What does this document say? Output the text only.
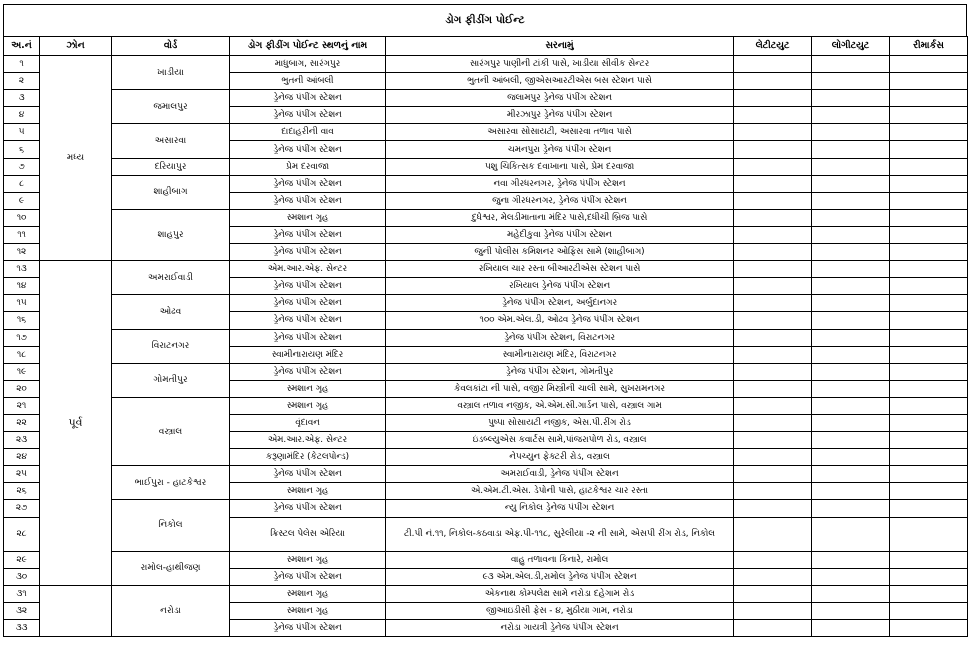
ડોગ ફીડીંગ પોઈન્ટ
અ.નં	ઝોન	વોર્ડ	ડોગ ફીડીંગ પોઈન્ટ સ્થળનું નામ	સરનામું	લેટીટયુટ	લોગીટયુટ	રીમાર્કસ
૧	મધ્ય	ખાડીયા	માધુબાગ, સારંગપુર	સારંગપુર પાણીની ટાંકી પાસે, ખાડીયા સીવીક સેન્ટર			
૨			ભુતની આંબલી	ભુતની આંબલી, જીએસઆરટીએસ બસ સ્ટેશન પાસે			
૩		જમાલપુર	ડ્રેનેજ પંપીંગ સ્ટેશન	જલામપુર ડ્રેનેજ પંપીંગ સ્ટેશન			
૪			ડ્રેનેજ પંપીંગ સ્ટેશન	મીરઝાપુર ડ્રેનેજ પંપીંગ સ્ટેશન			
૫		અસારવા	દાદાહરીની વાવ	અસારવા સોસાયટી, અસારવા તળાવ પાસે			
૬			ડ્રેનેજ પંપીંગ સ્ટેશન	ચમનપુરા ડ્રેનેજ પંપીંગ સ્ટેશન			
૭		દરિયાપુર	પ્રેમ દરવાજા	પશુ ચિકિત્સક દવાખાના પાસે, પ્રેમ દરવાજા			
૮		શાહીબાગ	ડ્રેનેજ પંપીંગ સ્ટેશન	નવા ગીરધરનગર, ડ્રેનેજ પંપીંગ સ્ટેશન			
૯			ડ્રેનેજ પંપીંગ સ્ટેશન	જુના ગીરધરનગર, ડ્રેનેજ પંપીંગ સ્ટેશન			
૧૦		શાહપુર	સ્મશાન ગૃહ	દુધેશ્વર, મેલડીમાતાના મંદિર પાસે,દધીચી બ્રિજ પાસે			
૧૧			ડ્રેનેજ પંપીંગ સ્ટેશન	મહેદીકુવા ડ્રેનેજ પંપીંગ સ્ટેશન			
૧૨			ડ્રેનેજ પંપીંગ સ્ટેશન	જુની પોલીસ કમિશનર ઓફિસ સામે (શાહીબાગ)			
૧૩	પૂર્વ	અમરાઈવાડી	એમ.આર.એફ. સેન્ટર	રખિયાલ ચાર રસ્તા બીઆરટીએસ સ્ટેશન પાસે			
૧૪			ડ્રેનેજ પંપીંગ સ્ટેશન	રખિયાલ ડ્રેનેજ પંપીંગ સ્ટેશન			
૧૫		ઓઢવ	ડ્રેનેજ પંપીંગ સ્ટેશન	ડ્રેનેજ પંપીંગ સ્ટેશન, અર્બુદાનગર			
૧૬			ડ્રેનેજ પંપીંગ સ્ટેશન	૧૦૦ એમ.એલ.ડી, ઓઢવ ડ્રેનેજ પંપીંગ સ્ટેશન			
૧૭		વિરાટનગર	ડ્રેનેજ પંપીંગ સ્ટેશન	ડ્રેનેજ પંપીંગ સ્ટેશન, વિરાટનગર			
૧૮			સ્વામીનારાયણ મંદિર	સ્વામીનારાયણ મંદિર, વિરાટનગર			
૧૯		ગોમતીપુર	ડ્રેનેજ પંપીંગ સ્ટેશન	ડ્રેનેજ પંપીંગ સ્ટેશન, ગોમતીપુર			
૨૦			સ્મશાન ગૃહ	કેવલકાંટા ની પાસે, વજીર મિસ્ત્રીની ચાલી સામે, સુખરામનગર			
૨૧		વસ્ત્રાલ	સ્મશાન ગૃહ	વસ્ત્રાલ તળાવ નજીક, એ.એમ.સી.ગાર્ડન પાસે, વસ્ત્રાલ ગામ			
૨૨			વૃંદાવન	પુષ્પા સોસાયટી નજીક, એસ.પી.રીંગ રોડ			
૨૩			એમ.આર.એફ. સેન્ટર	ઇંડબ્લ્યુએસ કવાર્ટસ સામે,પાંજરાપોળ રોડ, વસ્ત્રાલ			
૨૪			કરૂણામંદિર (કેટલપોન્ડ)	નેપચ્યુન ફેક્ટરી રોડ, વસ્ત્રાલ			
૨૫		ભાઈપુરા - હાટકેશ્વર	ડ્રેનેજ પંપીંગ સ્ટેશન	અમરાઈવાડી, ડ્રેનેજ પંપીંગ સ્ટેશન			
૨૬			સ્મશાન ગૃહ	એ.એમ.ટી.એસ. ડેપોની પાસે, હાટકેશ્વર ચાર રસ્તા			
૨૭		નિકોલ	ડ્રેનેજ પંપીંગ સ્ટેશન	ન્યુ નિકોલ ડ્રેનેજ પંપીંગ સ્ટેશન			
૨૮			ક્રિસ્ટલ પેલેસ એરિયા	ટી.પી નં.૧૧, નિકોલ-કઠવાડા એફ.પી-૧૧૮, સુરેલીયા -૨ ની સામે, એસપી રીંગ રોડ, નિકોલ			
૨૯		રામોલ-હાથીજણ	સ્મશાન ગૃહ	વાહુ તળાવના કિનારે, રામોલ			
૩૦			ડ્રેનેજ પંપીંગ સ્ટેશન	૯૩ એમ.એલ.ડી,રામોલ ડ્રેનેજ પંપીંગ સ્ટેશન			
૩૧		નરોડા	સ્મશાન ગૃહ	એકનાથ કોમ્પલેક્ષ સામે નરોડા દહેગામ રોડ			
૩૨			સ્મશાન ગૃહ	જીઆઇડીસી ફેસ - ૪, મુઠીયા ગામ, નરોડા			
૩૩			ડ્રેનેજ પંપીંગ સ્ટેશન	નરોડા ગાયત્રી ડ્રેનેજ પંપીંગ સ્ટેશન			
